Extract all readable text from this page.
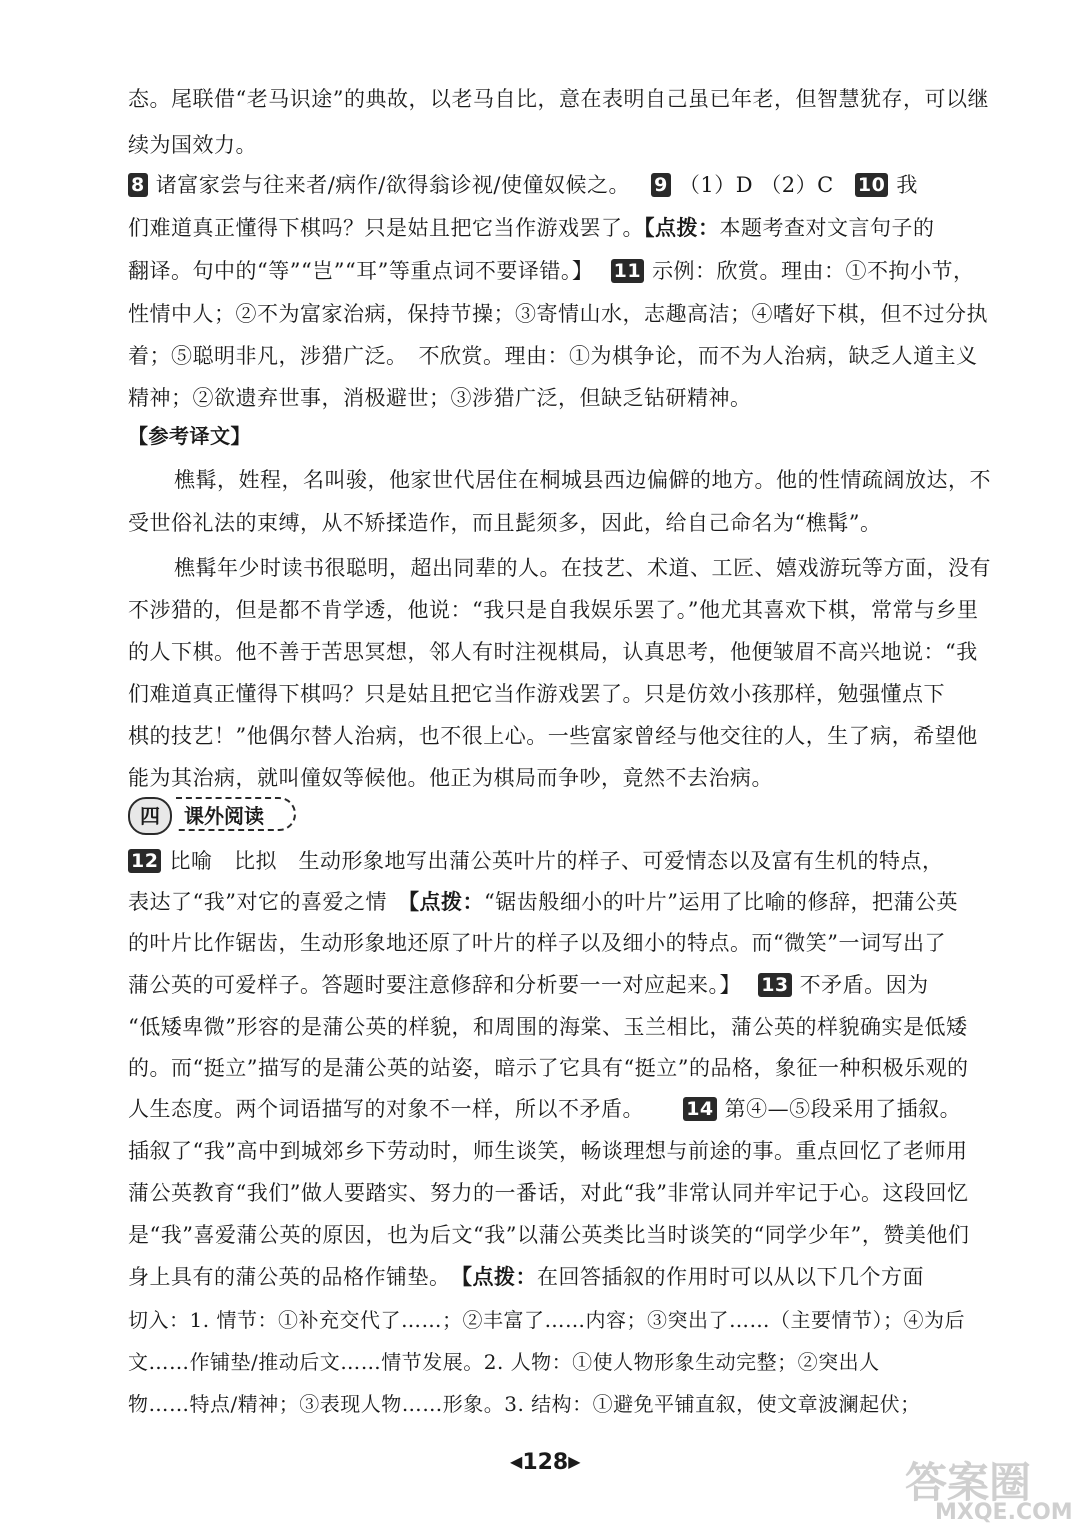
态。尾联借“老马识途”的典故，以老马自比，意在表明自己虽已年老，但智慧犹存，可以继
续为国效力。
8 诸富家尝与往来者/病作/欲得翁诊视/使僮奴候之。 9 （1）D （2）C 10 我
们难道真正懂得下棋吗？只是姑且把它当作游戏罢了。【点拨：本题考查对文言句子的
翻译。句中的“等”“岂”“耳”等重点词不要译错。】 11 示例：欣赏。理由：①不拘小节，
性情中人；②不为富家治病，保持节操；③寄情山水，志趣高洁；④嗜好下棋，但不过分执
着；⑤聪明非凡，涉猎广泛。　不欣赏。理由：①为棋争论，而不为人治病，缺乏人道主义
精神；②欲遗弃世事，消极避世；③涉猎广泛，但缺乏钻研精神。
【参考译文】
樵髯，姓程，名叫骏，他家世代居住在桐城县西边偏僻的地方。他的性情疏阔放达，不
受世俗礼法的束缚，从不矫揉造作，而且髭须多，因此，给自己命名为“樵髯”。
樵髯年少时读书很聪明，超出同辈的人。在技艺、术道、工匠、嬉戏游玩等方面，没有
不涉猎的，但是都不肯学透，他说：“我只是自我娱乐罢了。”他尤其喜欢下棋，常常与乡里
的人下棋。他不善于苦思冥想，邻人有时注视棋局，认真思考，他便皱眉不高兴地说：“我
们难道真正懂得下棋吗？只是姑且把它当作游戏罢了。只是仿效小孩那样，勉强懂点下
棋的技艺！”他偶尔替人治病，也不很上心。一些富家曾经与他交往的人，生了病，希望他
能为其治病，就叫僮奴等候他。他正为棋局而争吵，竟然不去治病。
四	课外阅读
12 比喻　比拟　生动形象地写出蒲公英叶片的样子、可爱情态以及富有生机的特点，
表达了“我”对它的喜爱之情　【点拨：“锯齿般细小的叶片”运用了比喻的修辞，把蒲公英
的叶片比作锯齿，生动形象地还原了叶片的样子以及细小的特点。而“微笑”一词写出了
蒲公英的可爱样子。答题时要注意修辞和分析要一一对应起来。】 13 不矛盾。因为
“低矮卑微”形容的是蒲公英的样貌，和周围的海棠、玉兰相比，蒲公英的样貌确实是低矮
的。而“挺立”描写的是蒲公英的站姿，暗示了它具有“挺立”的品格，象征一种积极乐观的
人生态度。两个词语描写的对象不一样，所以不矛盾。 14 第④—⑤段采用了插叙。
插叙了“我”高中到城郊乡下劳动时，师生谈笑，畅谈理想与前途的事。重点回忆了老师用
蒲公英教育“我们”做人要踏实、努力的一番话，对此“我”非常认同并牢记于心。这段回忆
是“我”喜爱蒲公英的原因，也为后文“我”以蒲公英类比当时谈笑的“同学少年”，赞美他们
身上具有的蒲公英的品格作铺垫。　【点拨：在回答插叙的作用时可以从以下几个方面
切入：1. 情节：①补充交代了……；②丰富了……内容；③突出了……（主要情节）；④为后
文……作铺垫/推动后文……情节发展。2. 人物：①使人物形象生动完整；②突出人
物……特点/精神；③表现人物……形象。3. 结构：①避免平铺直叙，使文章波澜起伏；
◀128▶	答案圈
MXQE.COM
